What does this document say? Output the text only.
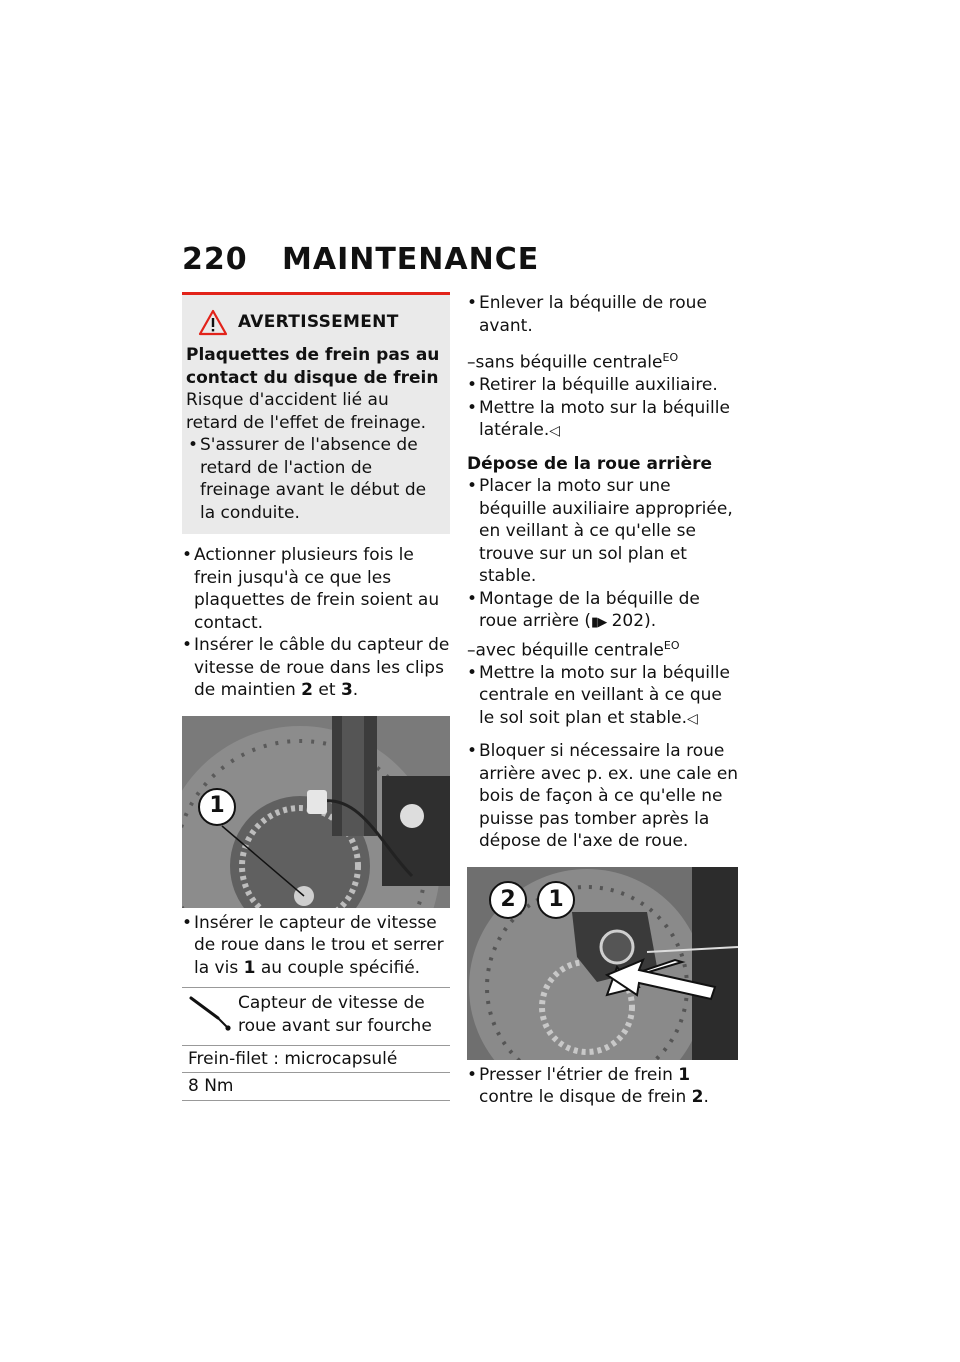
220	MAINTENANCE
AVERTISSEMENT
Plaquettes de frein pas au contact du disque de frein
Risque d'accident lié au retard de l'effet de freinage.
• S'assurer de l'absence de retard de l'action de freinage avant le début de la conduite.
• Actionner plusieurs fois le frein jusqu'à ce que les plaquettes de frein soient au contact.
• Insérer le câble du capteur de vitesse de roue dans les clips de maintien 2 et 3.
1
• Insérer le capteur de vitesse de roue dans le trou et serrer la vis 1 au couple spécifié.
Capteur de vitesse de roue avant sur fourche
Frein-filet : microcapsulé
8 Nm
• Enlever la béquille de roue avant.
–sans béquille centrale$^{EO}$
• Retirer la béquille auxiliaire.
• Mettre la moto sur la béquille latérale.◁
Dépose de la roue arrière
• Placer la moto sur une béquille auxiliaire appropriée, en veillant à ce qu'elle se trouve sur un sol plan et stable.
• Montage de la béquille de roue arrière (▮▶ 202).
–avec béquille centrale$^{EO}$
• Mettre la moto sur la béquille centrale en veillant à ce que le sol soit plan et stable.◁
• Bloquer si nécessaire la roue arrière avec p. ex. une cale en bois de façon à ce qu'elle ne puisse pas tomber après la dépose de l'axe de roue.
2	1
• Presser l'étrier de frein 1 contre le disque de frein 2.
